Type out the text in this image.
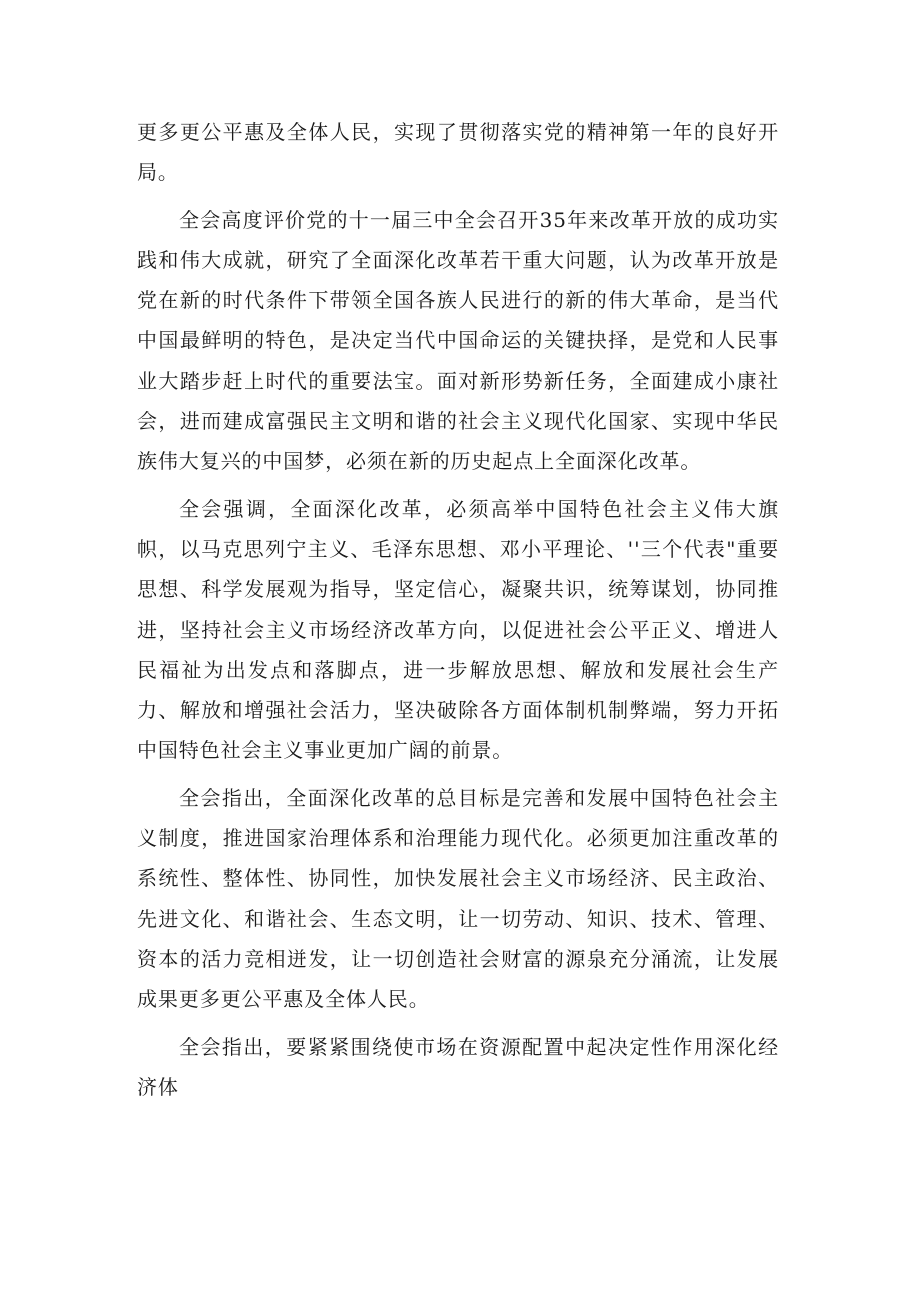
更多更公平惠及全体人民，实现了贯彻落实党的精神第一年的良好开局。

全会高度评价党的十一届三中全会召开35年来改革开放的成功实践和伟大成就，研究了全面深化改革若干重大问题，认为改革开放是党在新的时代条件下带领全国各族人民进行的新的伟大革命，是当代中国最鲜明的特色，是决定当代中国命运的关键抉择，是党和人民事业大踏步赶上时代的重要法宝。面对新形势新任务，全面建成小康社会，进而建成富强民主文明和谐的社会主义现代化国家、实现中华民族伟大复兴的中国梦，必须在新的历史起点上全面深化改革。

全会强调，全面深化改革，必须高举中国特色社会主义伟大旗帜，以马克思列宁主义、毛泽东思想、邓小平理论、''三个代表"重要思想、科学发展观为指导，坚定信心，凝聚共识，统筹谋划，协同推进，坚持社会主义市场经济改革方向，以促进社会公平正义、增进人民福祉为出发点和落脚点，进一步解放思想、解放和发展社会生产力、解放和增强社会活力，坚决破除各方面体制机制弊端，努力开拓中国特色社会主义事业更加广阔的前景。

全会指出，全面深化改革的总目标是完善和发展中国特色社会主义制度，推进国家治理体系和治理能力现代化。必须更加注重改革的系统性、整体性、协同性，加快发展社会主义市场经济、民主政治、先进文化、和谐社会、生态文明，让一切劳动、知识、技术、管理、资本的活力竞相迸发，让一切创造社会财富的源泉充分涌流，让发展成果更多更公平惠及全体人民。

全会指出，要紧紧围绕使市场在资源配置中起决定性作用深化经济体
